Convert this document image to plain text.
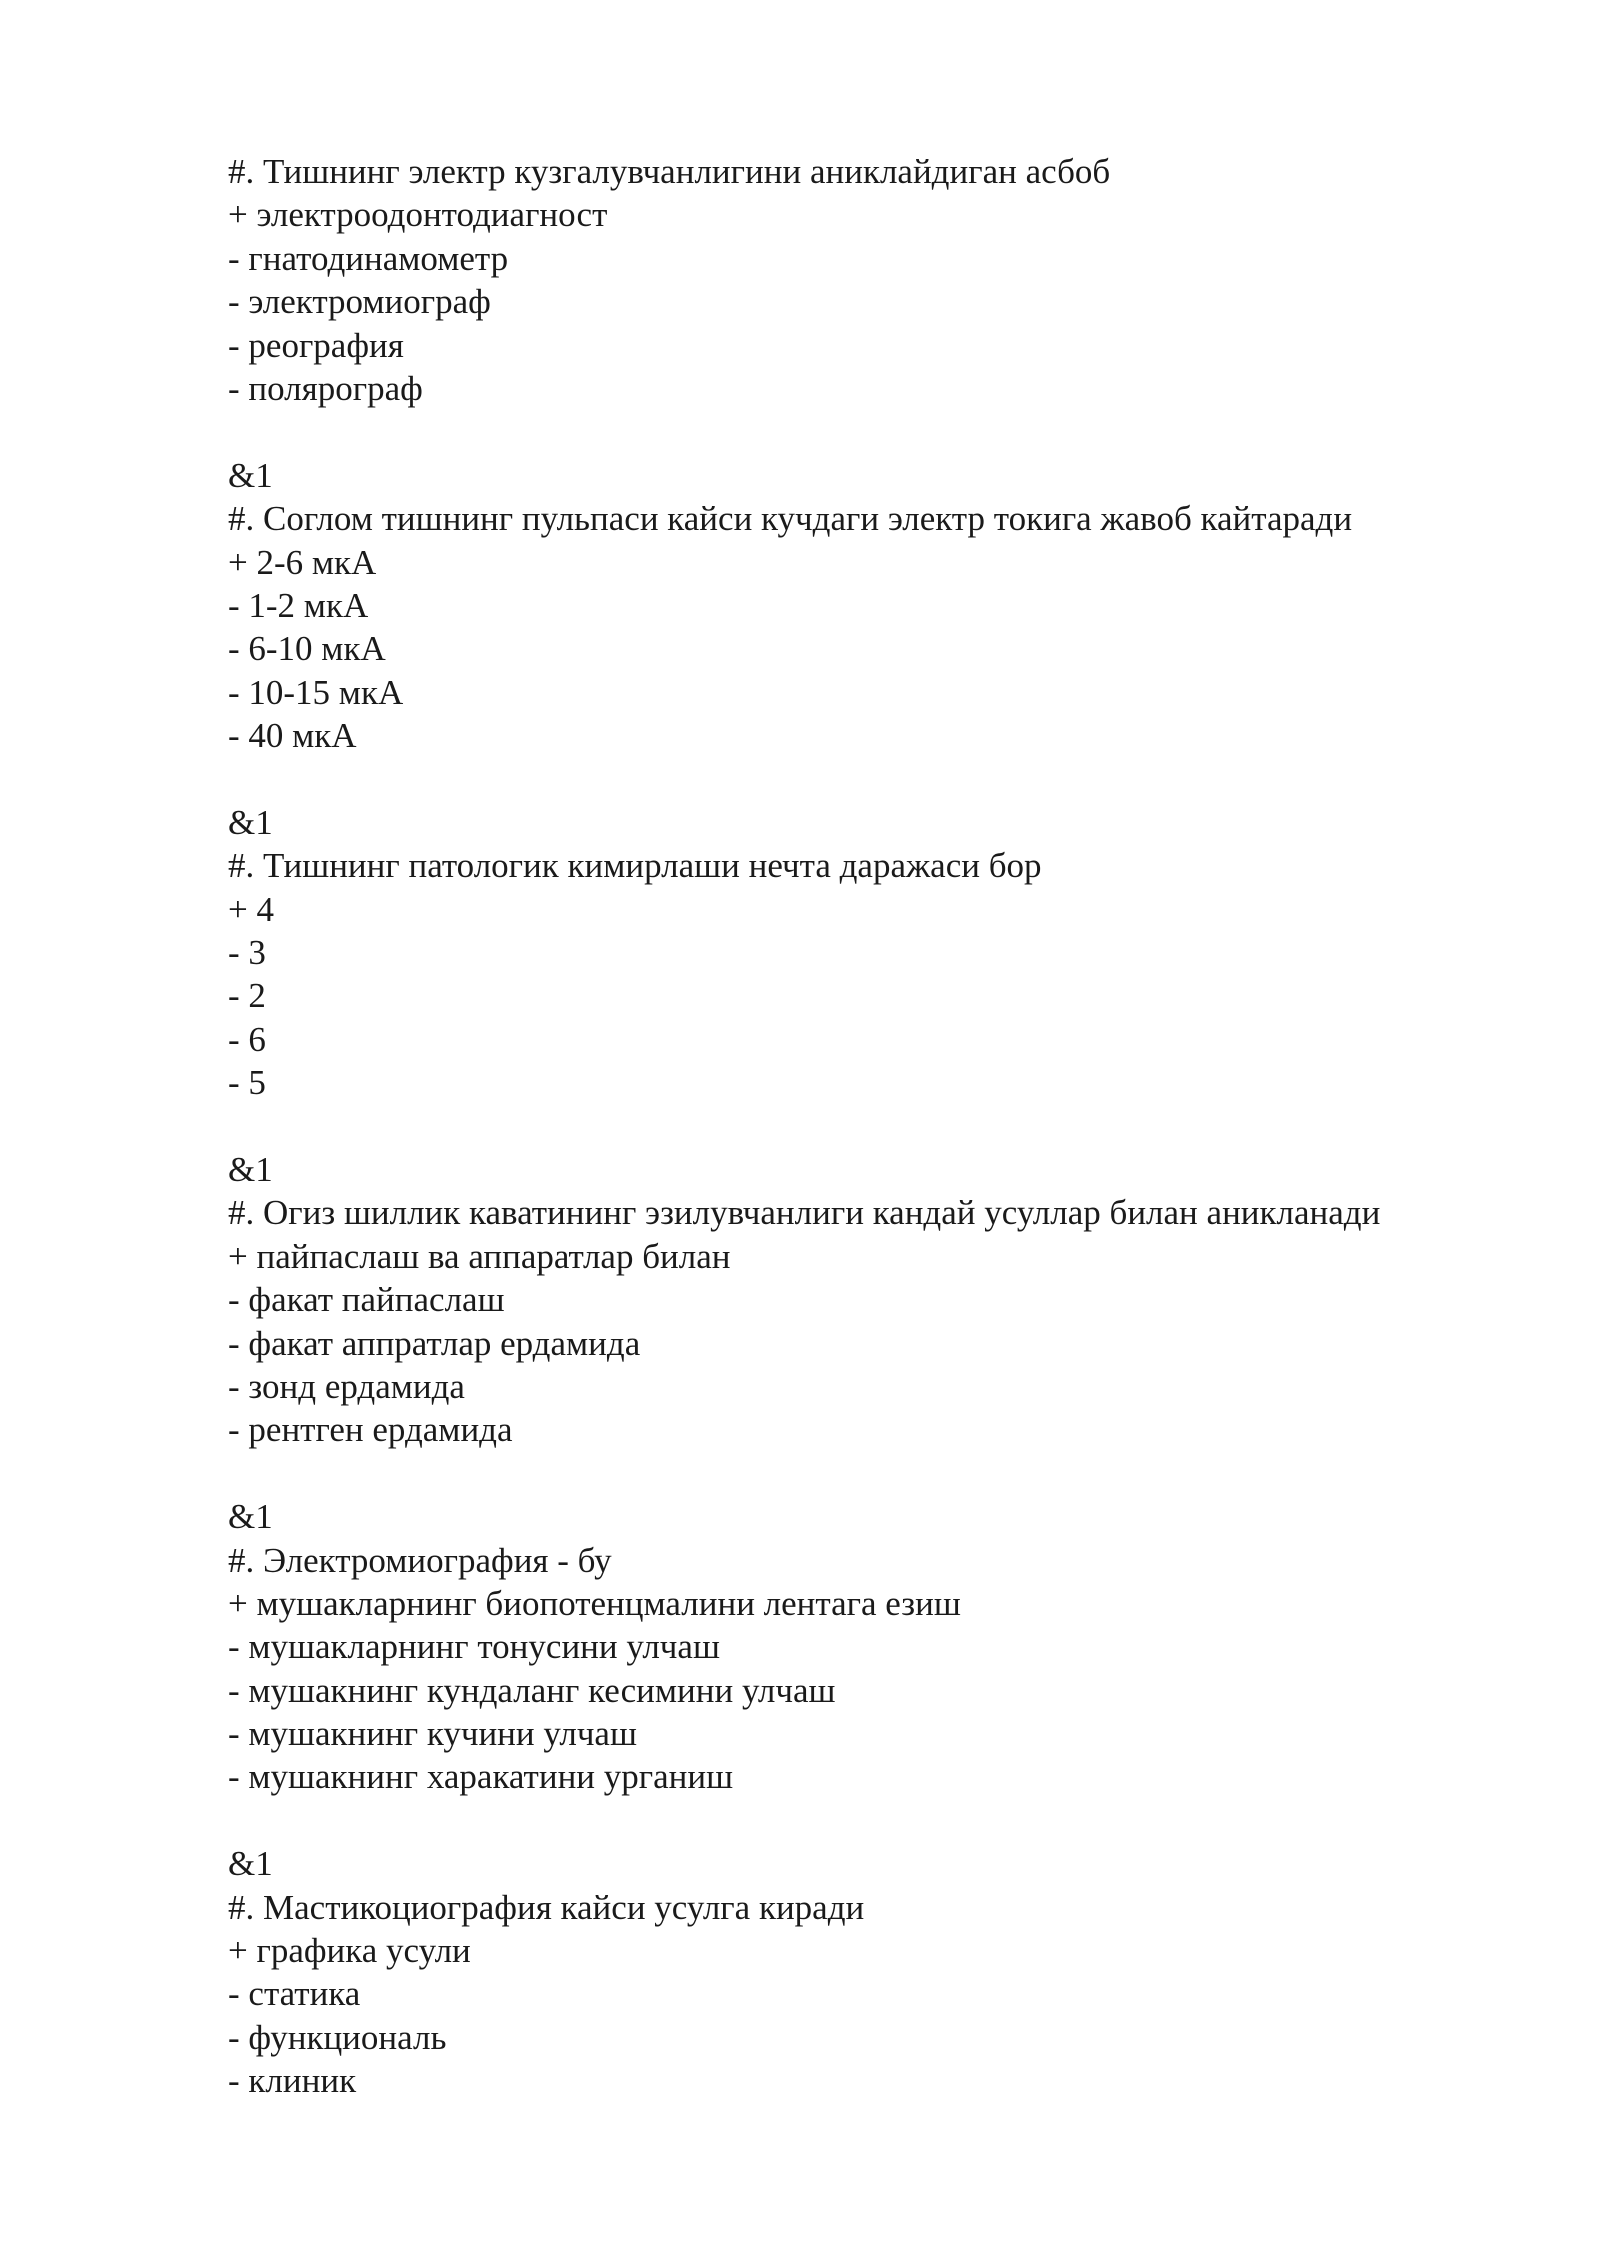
#. Тишнинг электр кузгалувчанлигини аниклайдиган асбоб
+ электроодонтодиагност
- гнатодинамометр
- электромиограф
- реография
- полярограф
&1
#. Соглом тишнинг пульпаси кайси кучдаги электр токига жавоб кайтаради
+ 2-6 мкА
- 1-2 мкА
- 6-10 мкА
- 10-15 мкА
- 40 мкА
&1
#. Тишнинг патологик кимирлаши нечта даражаси бор
+ 4
- 3
- 2
- 6
- 5
&1
#. Огиз шиллик каватининг эзилувчанлиги кандай усуллар билан аникланади
+ пайпаслаш ва аппаратлар билан
- факат пайпаслаш
- факат аппратлар ердамида
- зонд ердамида
- рентген ердамида
&1
#. Электромиография - бу
+ мушакларнинг биопотенцмалини лентага езиш
- мушакларнинг тонусини улчаш
- мушакнинг кундаланг кесимини улчаш
- мушакнинг кучини улчаш
- мушакнинг харакатини урганиш
&1
#. Мастикоциография кайси усулга киради
+ графика усули
- статика
- функциональ
- клиник
